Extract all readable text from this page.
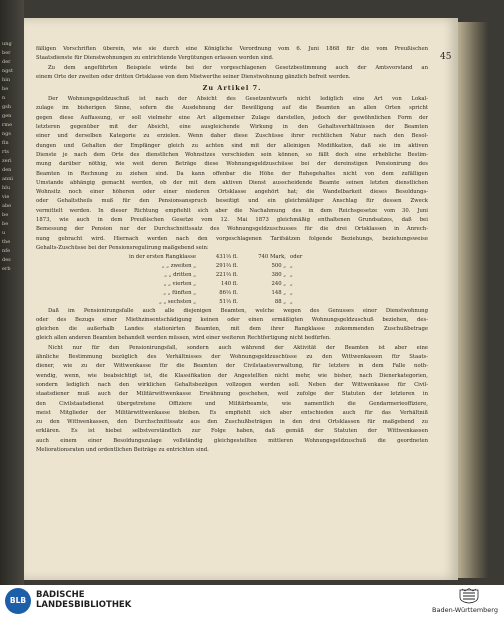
ung
ber
der
ngst
hin
be
n
gsh
gen
rme
ngs
fin
rts
zeri
den
anni
hlu
vie
abe
be
be
u
the
nfe
des
erb
45
fälligen Vorschriften überein, wie sie durch eine Königliche Verordnung vom 6. Juni 1868 für die vom Preußischen
Staatsdienste für Dienstwohnungen zu entrichtende Vergütungen erlassen worden sind.
Zu dem angeführten Beispiele würde bei der vorgeschlagenen Gesetzbestimmung auch der Amtsvorstand an
einem Orte der zweiten oder dritten Ortsklasse von dem Mietwerthe seiner Dienstwohnung gänzlich befreit werden.
Zu Artikel 7.
Der Wohnungsgeldzuschuß ist nach der Absicht des Gesetzentwurfs nicht lediglich eine Art von Lokal-
zulage im bisherigen Sinne, sofern die Ausdehnung der Bewilligung auf die Beamten an allen Orten spricht
gegen diese Auffassung, er soll vielmehr eine Art allgemeiner Zulage darstellen, jedoch der gewöhnlichen Form der
letzteren gegenüber mit der Absicht, eine ausgleichende Wirkung in den Gehaltsverhältnissen der Beamten
einer und derselben Kategorie zu erzielen. Wenn daher diese Zuschüsse ihrer rechtlichen Natur nach den Besol-
dungen und Gehalten der Empfänger gleich zu achten sind mit der alleinigen Modifikation, daß sie im aktiven
Dienste je nach dem Orte des dienstlichen Wohnsitzes verschieden sein können, so fällt doch eine erhebliche Bestim-
mung darüber nöthig, wie weit deren Beträge diese Wohnungsgeldzuschüsse bei der dereinstigen Pensionirung des
Beamten in Rechnung zu ziehen sind. Da kann offenbar die Höhe der Ruhegehaltes nicht von dem zufälligen
Umstande abhängig gemacht werden, ob der mit dem aktiven Dienst ausscheidende Beamte seinen letzten dienstlichen
Wohnsitz noch einer höheren oder einer niederen Ortsklasse angehört hat; die Wandelbarkeit dieses Besoldungs-
oder Gehaltstheils muß für den Pensionsanspruch beseitigt und ein gleichmäßiger Anschlag für dessen Zweck
vermittelt werden. In dieser Richtung empfiehlt sich aber die Nachahmung des in dem Reichsgesetze vom 30. Juni
1873, wie auch in dem Preußischen Gesetze vom 12. Mai 1873 gleichmäßig enthaltenen Grundsatzes, daß bei
Bemessung der Pension nur der Durchschnittssatz des Wohnungsgeldzuschusses für die drei Ortsklassen in Anrech-
nung gebracht wird. Hiernach werden nach den vorgeschlagenen Tarifsätzen folgende Beziehungs, beziehungsweise
Gehalts-Zuschüsse bei der Pensionsregulirung maßgebend sein:
in der ersten Rangklasse	431⅓ fl.	740 Mark, oder
„ „ zweiten „	291⅔ fl.	500 „ „
„ „ dritten „	221⅔ fl.	380 „ „
„ „ vierten „	140 fl.	240 „ „
„ „ fünften „	86⅓ fl.	148 „ „
„ „ sechsten „	51⅓ fl.	88 „ „
Daß im Pensionirungsfalle auch alle diejenigen Beamten, welche wegen des Genusses einer Dienstwohnung
oder des Bezugs einer Miethzinsentschädigung keinen oder einen ermäßigten Wohnungsgeldzuschuß beziehen, des-
gleichen die außerhalb Landes stationirten Beamten, mit dem ihrer Rangklasse zukommenden Zuschußbetrage
gleich allen anderen Beamten behandelt werden müssen, wird einer weiteren Rechtfertigung nicht bedürfen.
Nicht nur für den Pensionirungsfall, sondern auch während der Aktivität der Beamten ist aber eine
ähnliche Bestimmung bezüglich des Verhältnisses der Wohnungsgeldzuschüsse zu den Wittwenkassen für Staats-
diener, wie zu der Wittwenkasse für die Beamten der Civilstaatsverwaltung, für letztere in dem Falle noth-
wendig, wenn, wie beabsichtigt ist, die Klassifikation der Angestellten nicht mehr, wie bisher, nach Dienerkategorien,
sondern lediglich nach den wirklichen Gehaltsbezügen vollzogen werden soll. Neben der Wittwenkasse für Civil-
staatsdiener muß auch der Militärwittwenkasse Erwähnung geschehen, weil zufolge der Statuten der letzteren in
den Civilstaatsdienst übergetretene Offiziere und Militärbeamte, wie namentlich die Gendarmerieoffiziere,
meist Mitglieder der Militärwittwenkasse bleiben. Es empfiehlt sich aber entschieden auch für das Verhältniß
zu den Wittwenkassen, den Durchschnittssatz aus den Zuschußbeträgen in den drei Ortsklassen für maßgebend zu
erklären. Es ist hiebei selbstverständlich zur Folge haben, daß gemäß der Statuten der Wittwenkassen
auch einem einer Besoldungszulage vollständig gleichgestellten mittleren Wohnungsgeldzuschuß die geordneten
Meliorationsraten und ordentlichen Beiträge zu entrichten sind.
BLB
BADISCHE
LANDESBIBLIOTHEK	Baden-Württemberg
